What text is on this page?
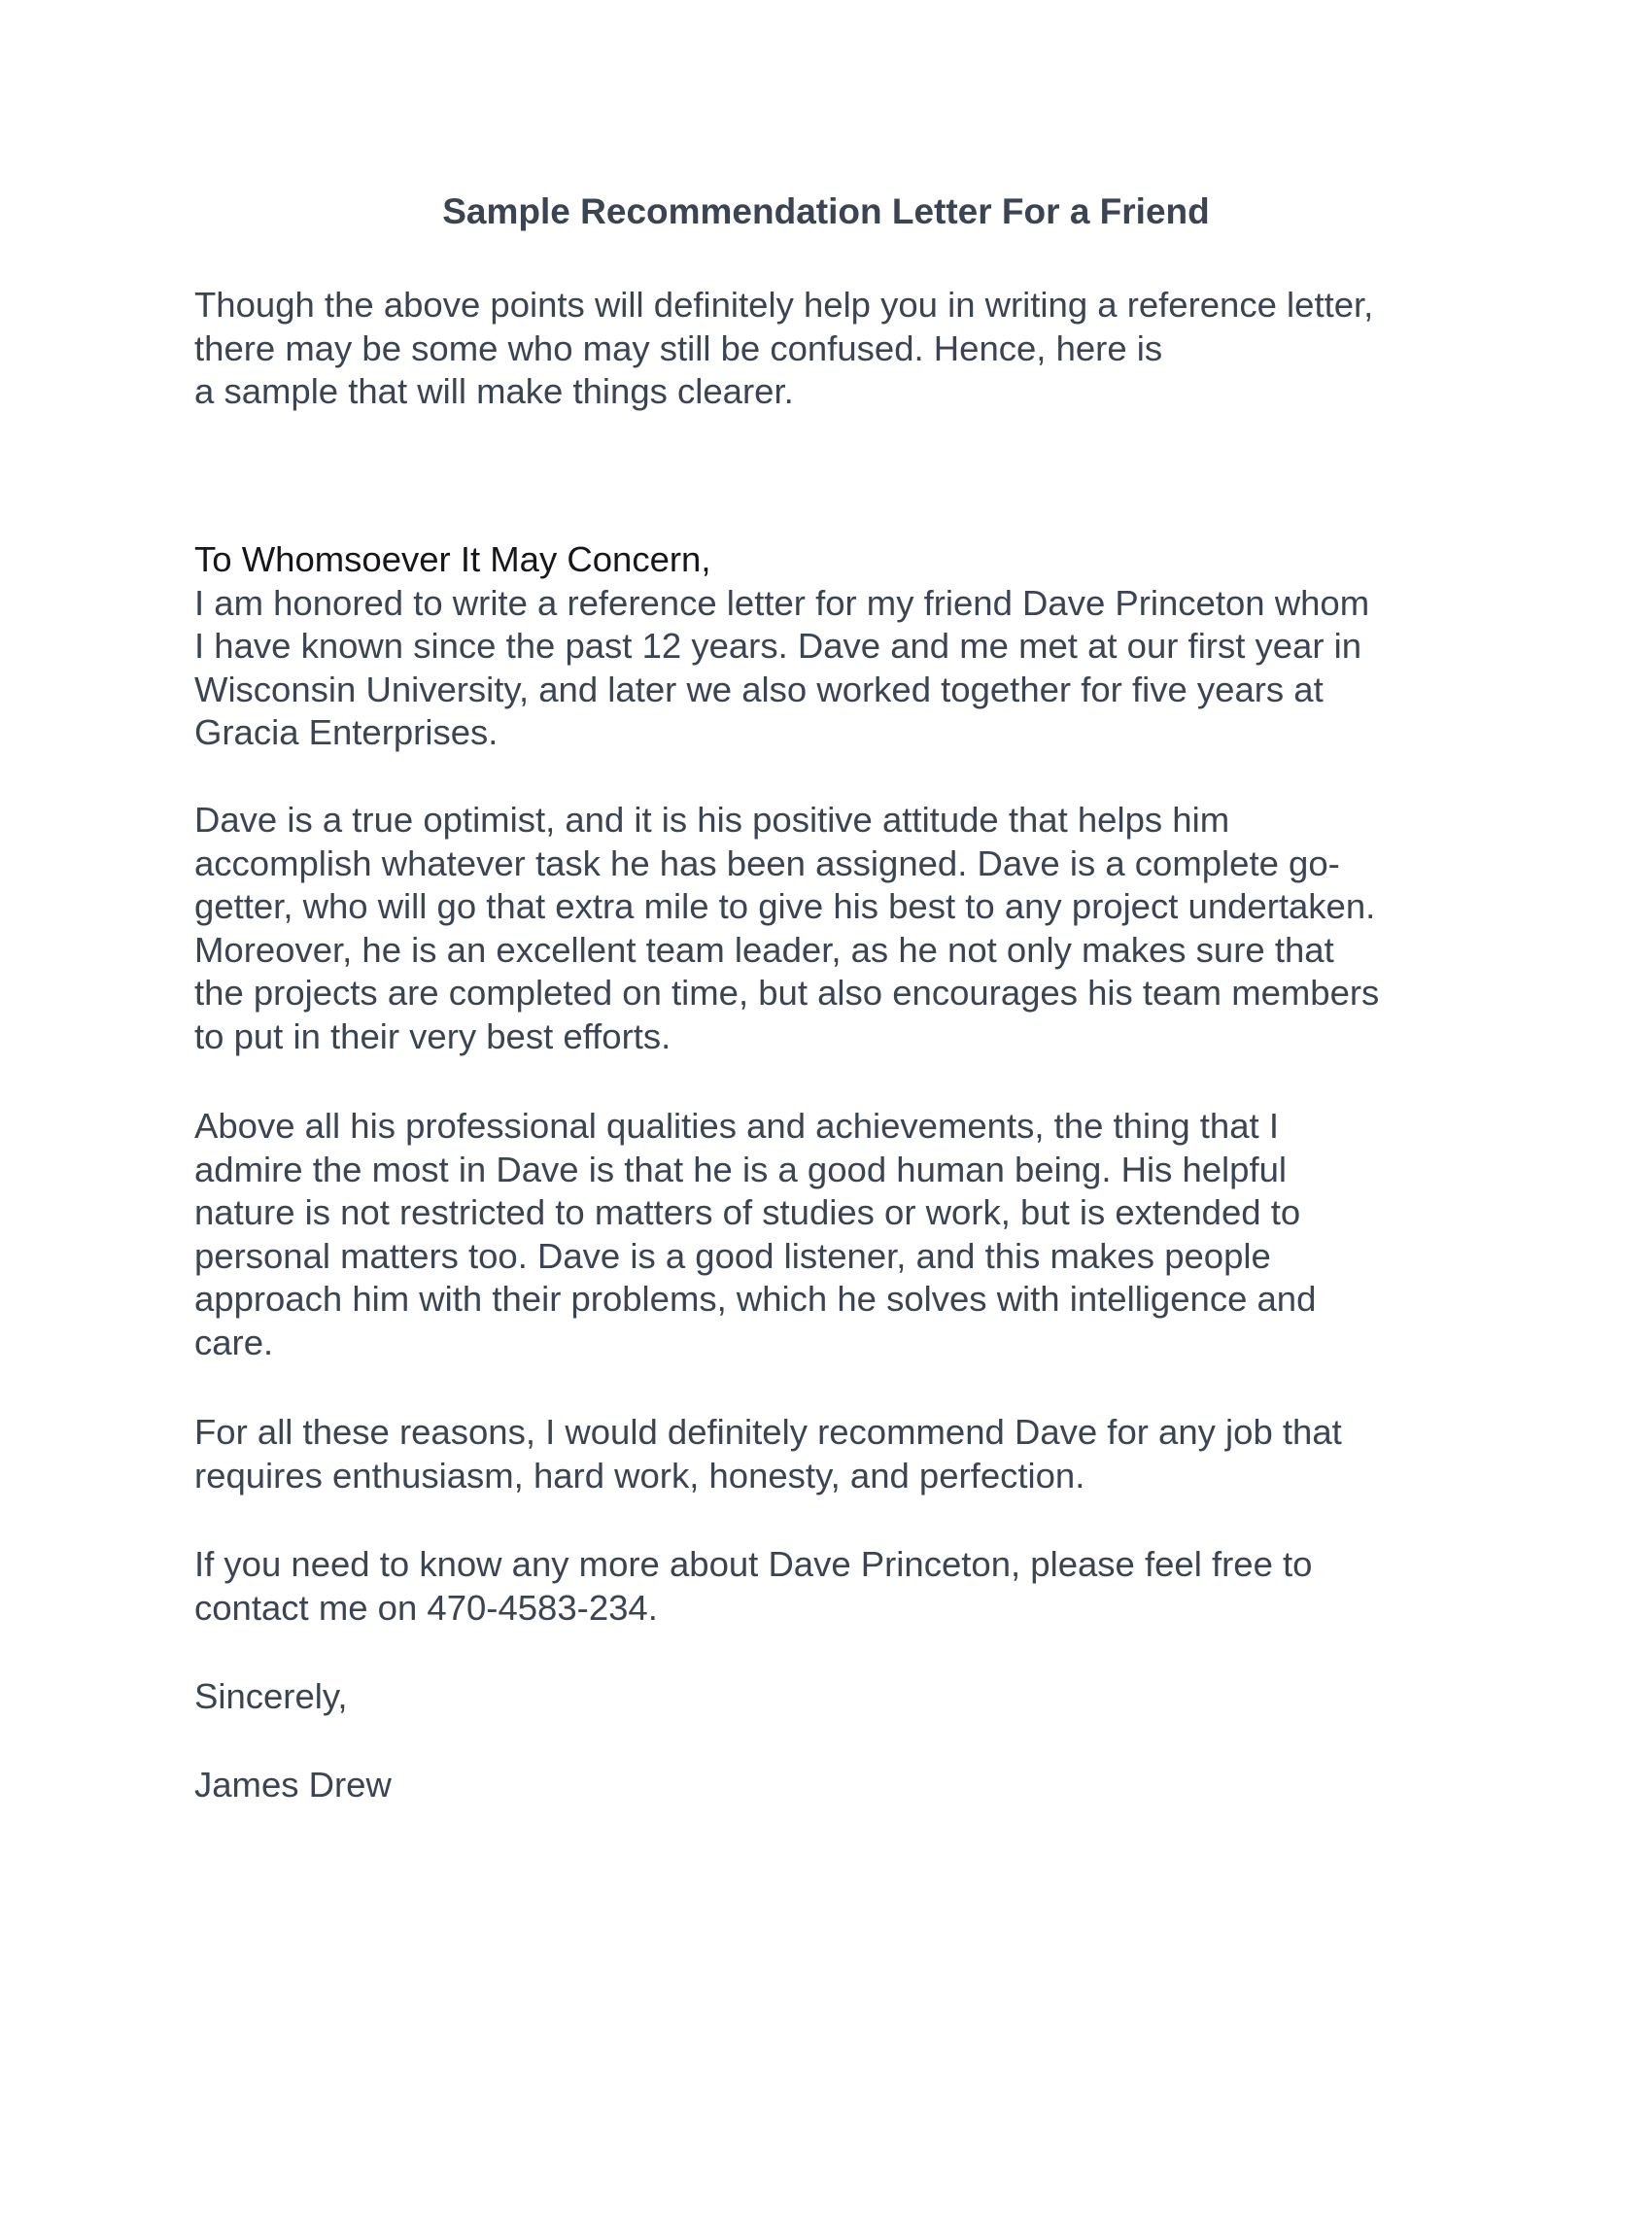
Sample Recommendation Letter For a Friend
Though the above points will definitely help you in writing a reference letter,
there may be some who may still be confused. Hence, here is
a sample that will make things clearer.
To Whomsoever It May Concern,
I am honored to write a reference letter for my friend Dave Princeton whom
I have known since the past 12 years. Dave and me met at our first year in
Wisconsin University, and later we also worked together for five years at
Gracia Enterprises.
Dave is a true optimist, and it is his positive attitude that helps him
accomplish whatever task he has been assigned. Dave is a complete go-
getter, who will go that extra mile to give his best to any project undertaken.
Moreover, he is an excellent team leader, as he not only makes sure that
the projects are completed on time, but also encourages his team members
to put in their very best efforts.
Above all his professional qualities and achievements, the thing that I
admire the most in Dave is that he is a good human being. His helpful
nature is not restricted to matters of studies or work, but is extended to
personal matters too. Dave is a good listener, and this makes people
approach him with their problems, which he solves with intelligence and
care.
For all these reasons, I would definitely recommend Dave for any job that
requires enthusiasm, hard work, honesty, and perfection.
If you need to know any more about Dave Princeton, please feel free to
contact me on 470-4583-234.
Sincerely,
James Drew
